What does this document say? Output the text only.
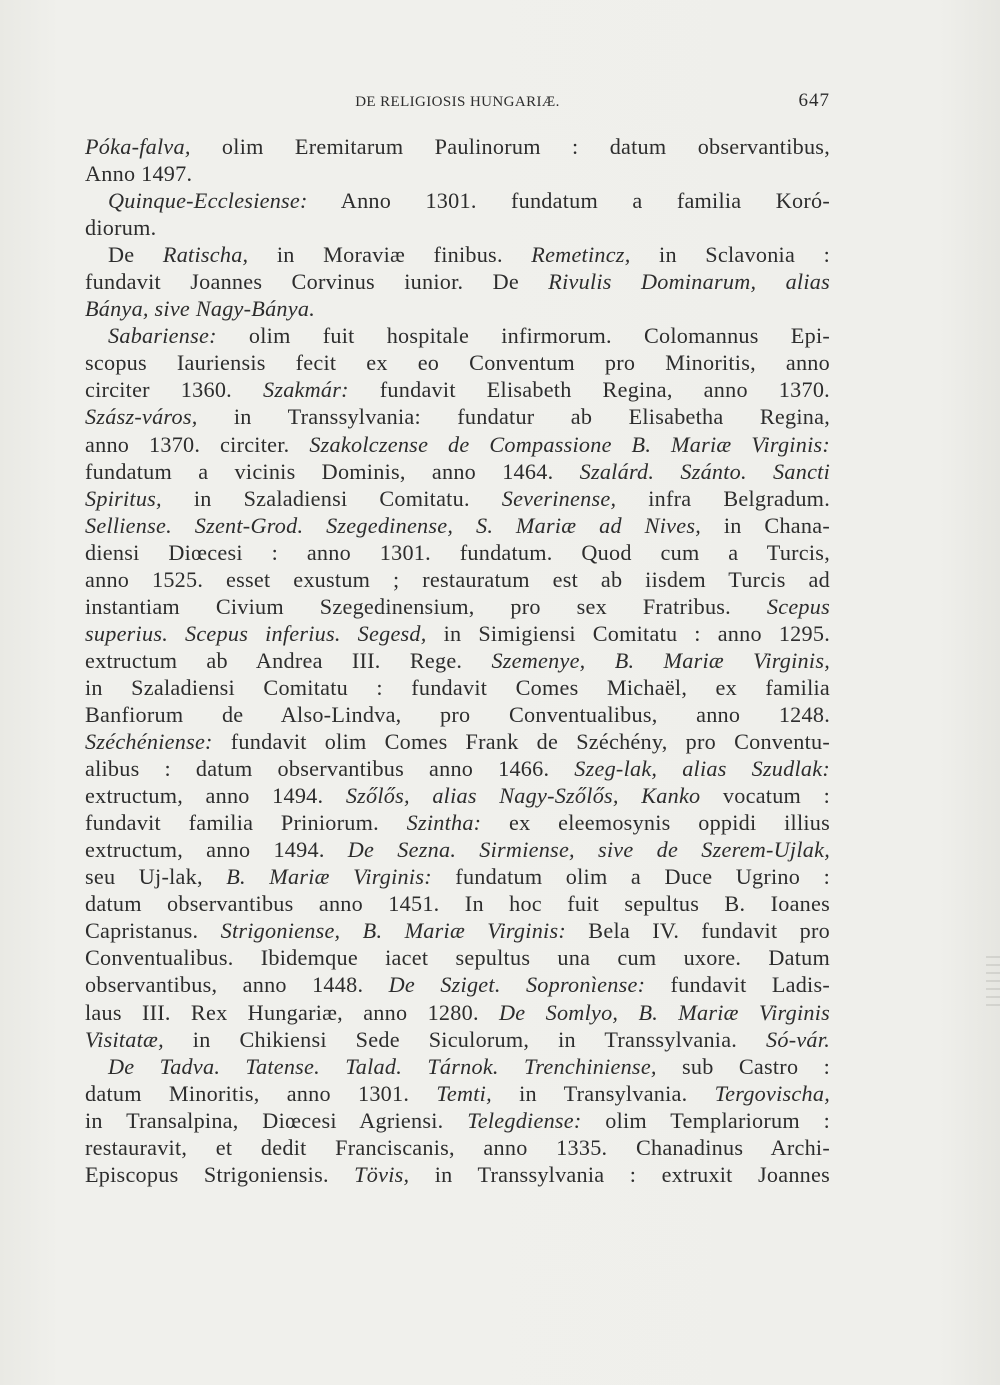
DE RELIGIOSIS HUNGARIÆ.	647
Póka-falva, olim Eremitarum Paulinorum : datum observantibus,
Anno 1497.
Quinque-Ecclesiense: Anno 1301. fundatum a familia Koró-
diorum.
De Ratischa, in Moraviæ finibus. Remetincz, in Sclavonia :
fundavit Joannes Corvinus iunior. De Rivulis Dominarum, alias
Bánya, sive Nagy-Bánya.
Sabariense: olim fuit hospitale infirmorum. Colomannus Epi-
scopus Iauriensis fecit ex eo Conventum pro Minoritis, anno
circiter 1360. Szakmár: fundavit Elisabeth Regina, anno 1370.
Szász-város, in Transsylvania: fundatur ab Elisabetha Regina,
anno 1370. circiter. Szakolczense de Compassione B. Mariæ Virginis:
fundatum a vicinis Dominis, anno 1464. Szalárd. Szánto. Sancti
Spiritus, in Szaladiensi Comitatu. Severinense, infra Belgradum.
Selliense. Szent-Grod. Szegedinense, S. Mariæ ad Nives, in Chana-
diensi Diœcesi : anno 1301. fundatum. Quod cum a Turcis,
anno 1525. esset exustum ; restauratum est ab iisdem Turcis ad
instantiam Civium Szegedinensium, pro sex Fratribus. Scepus
superius. Scepus inferius. Segesd, in Simigiensi Comitatu : anno 1295.
extructum ab Andrea III. Rege. Szemenye, B. Mariæ Virginis,
in Szaladiensi Comitatu : fundavit Comes Michaël, ex familia
Banfiorum de Also-Lindva, pro Conventualibus, anno 1248.
Széchéniense: fundavit olim Comes Frank de Széchény, pro Conventu-
alibus : datum observantibus anno 1466. Szeg-lak, alias Szudlak:
extructum, anno 1494. Szőlős, alias Nagy-Szőlős, Kanko vocatum :
fundavit familia Priniorum. Szintha: ex eleemosynis oppidi illius
extructum, anno 1494. De Sezna. Sirmiense, sive de Szerem-Ujlak,
seu Uj-lak, B. Mariæ Virginis: fundatum olim a Duce Ugrino :
datum observantibus anno 1451. In hoc fuit sepultus B. Ioanes
Capristanus. Strigoniense, B. Mariæ Virginis: Bela IV. fundavit pro
Conventualibus. Ibidemque iacet sepultus una cum uxore. Datum
observantibus, anno 1448. De Sziget. Sopronìense: fundavit Ladis-
laus III. Rex Hungariæ, anno 1280. De Somlyo, B. Mariæ Virginis
Visitatæ, in Chikiensi Sede Siculorum, in Transsylvania. Só-vár.
De Tadva. Tatense. Talad. Tárnok. Trenchiniense, sub Castro :
datum Minoritis, anno 1301. Temti, in Transylvania. Tergovischa,
in Transalpina, Diœcesi Agriensi. Telegdiense: olim Templariorum :
restauravit, et dedit Franciscanis, anno 1335. Chanadinus Archi-
Episcopus Strigoniensis. Tövis, in Transsylvania : extruxit Joannes
